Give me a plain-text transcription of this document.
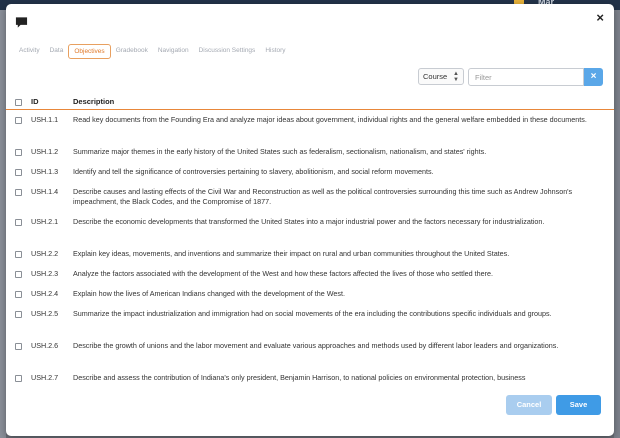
×
Activity	Data	Objectives	Gradebook	Navigation	Discussion Settings	History
Course ▲
▼	Filter	×
ID	Description
USH.1.1 Read key documents from the Founding Era and analyze major ideas about government, individual rights and the general welfare embedded in these documents.
USH.1.2 Summarize major themes in the early history of the United States such as federalism, sectionalism, nationalism, and states' rights.
USH.1.3 Identify and tell the significance of controversies pertaining to slavery, abolitionism, and social reform movements.
USH.1.4 Describe causes and lasting effects of the Civil War and Reconstruction as well as the political controversies surrounding this time such as Andrew Johnson's impeachment, the Black Codes, and the Compromise of 1877.
USH.2.1 Describe the economic developments that transformed the United States into a major industrial power and the factors necessary for industrialization.
USH.2.2 Explain key ideas, movements, and inventions and summarize their impact on rural and urban communities throughout the United States.
USH.2.3 Analyze the factors associated with the development of the West and how these factors affected the lives of those who settled there.
USH.2.4 Explain how the lives of American Indians changed with the development of the West.
USH.2.5 Summarize the impact industrialization and immigration had on social movements of the era including the contributions specific individuals and groups.
USH.2.6 Describe the growth of unions and the labor movement and evaluate various approaches and methods used by different labor leaders and organizations.
USH.2.7 Describe and assess the contribution of Indiana's only president, Benjamin Harrison, to national policies on environmental protection, business
Cancel	Save
